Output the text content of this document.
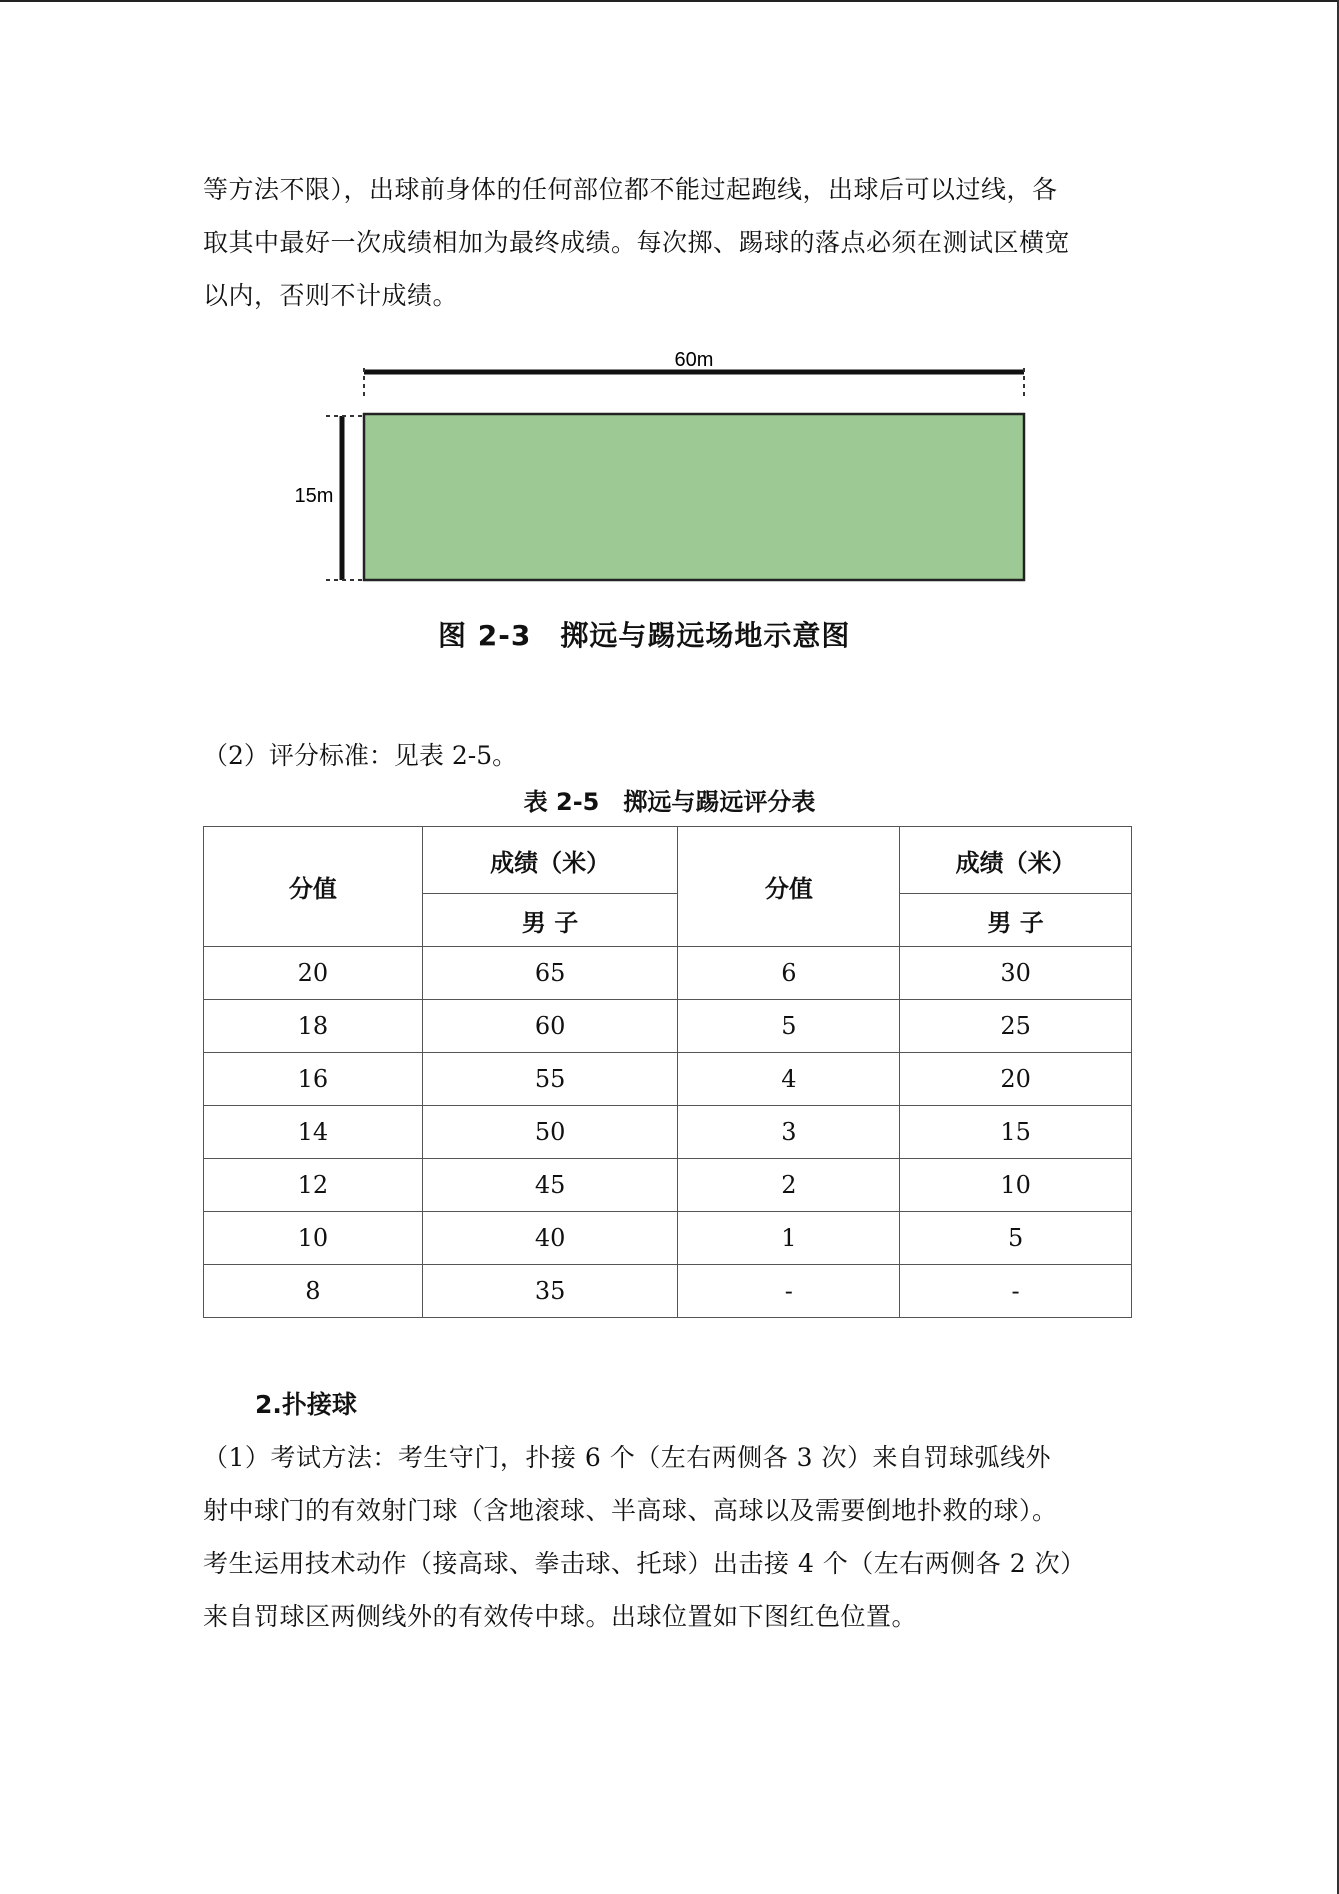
等方法不限），出球前身体的任何部位都不能过起跑线，出球后可以过线，各
取其中最好一次成绩相加为最终成绩。每次掷、踢球的落点必须在测试区横宽
以内，否则不计成绩。
60m
15m
图 2-3　掷远与踢远场地示意图
（2）评分标准：见表 2-5。
表 2-5　掷远与踢远评分表
分值	成绩（米）	分值	成绩（米）
	男 子		男 子
20	65	6	30
18	60	5	25
16	55	4	20
14	50	3	15
12	45	2	10
10	40	1	5
8	35	-	-
2.扑接球
（1）考试方法：考生守门，扑接 6 个（左右两侧各 3 次）来自罚球弧线外
射中球门的有效射门球（含地滚球、半高球、高球以及需要倒地扑救的球）。
考生运用技术动作（接高球、拳击球、托球）出击接 4 个（左右两侧各 2 次）
来自罚球区两侧线外的有效传中球。出球位置如下图红色位置。
